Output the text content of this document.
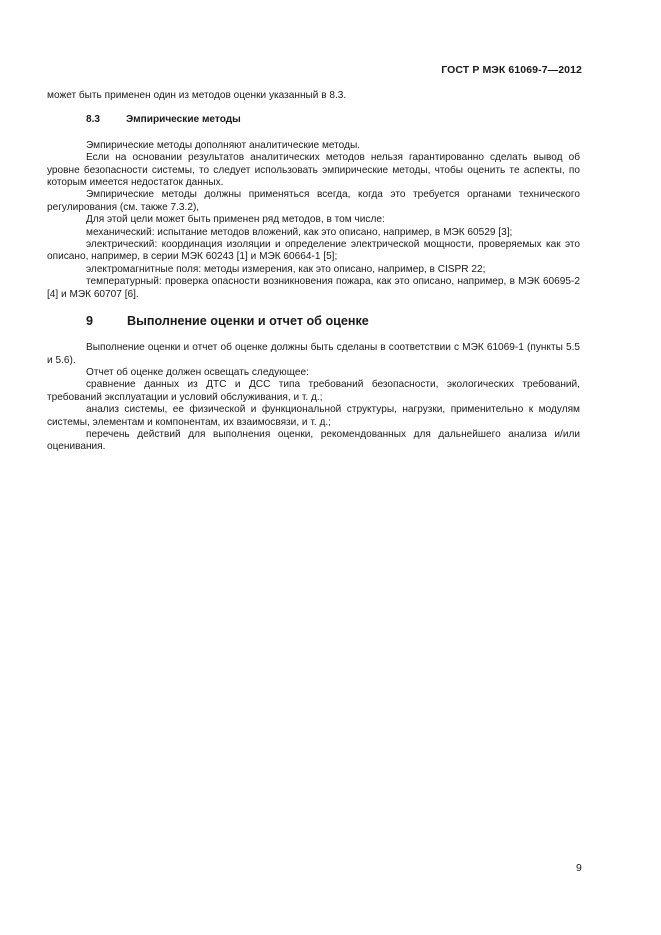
ГОСТ Р МЭК 61069-7—2012

может быть применен один из методов оценки указанный в 8.3.

8.3	Эмпирические методы

Эмпирические методы дополняют аналитические методы.

Если на основании результатов аналитических методов нельзя гарантированно сделать вывод об уровне безопасности системы, то следует использовать эмпирические методы, чтобы оценить те аспекты, по которым имеется недостаток данных.

Эмпирические методы должны применяться всегда, когда это требуется органами технического регулирования (см. также 7.3.2),

Для этой цели может быть применен ряд методов, в том числе:

механический: испытание методов вложений, как это описано, например, в МЭК 60529 [3];

электрический: координация изоляции и определение электрической мощности, проверяемых как это описано, например, в серии МЭК 60243 [1] и МЭК 60664-1 [5];

электромагнитные поля: методы измерения, как это описано, например, в CISPR 22;

температурный: проверка опасности возникновения пожара, как это описано, например, в МЭК 60695-2 [4] и МЭК 60707 [6].

9	Выполнение оценки и отчет об оценке

Выполнение оценки и отчет об оценке должны быть сделаны в соответствии с МЭК 61069-1 (пункты 5.5 и 5.6).

Отчет об оценке должен освещать следующее:

сравнение данных из ДТС и ДСС типа требований безопасности, экологических требований, требований эксплуатации и условий обслуживания, и т. д.;

анализ системы, ее физической и функциональной структуры, нагрузки, применительно к модулям системы, элементам и компонентам, их взаимосвязи, и т. д.;

перечень действий для выполнения оценки, рекомендованных для дальнейшего анализа и/или оценивания.

9
